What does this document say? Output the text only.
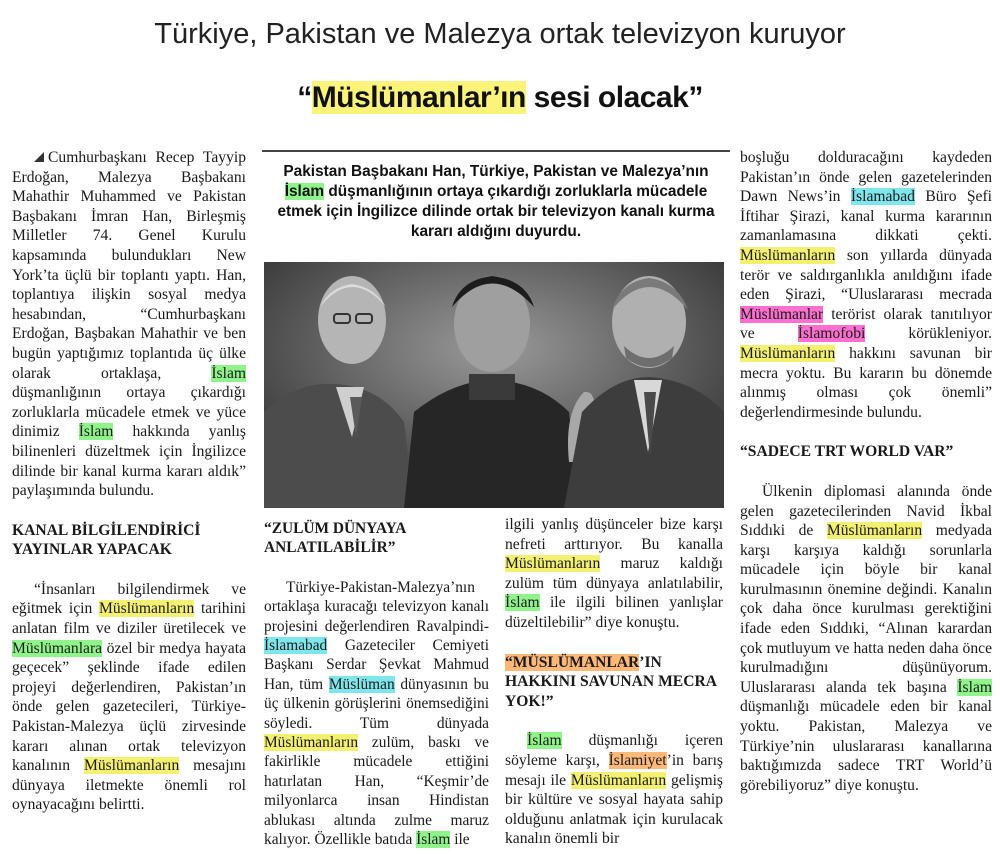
Türkiye, Pakistan ve Malezya ortak televizyon kuruyor
“Müslümanlar’ın sesi olacak”
Pakistan Başbakanı Han, Türkiye, Pakistan ve Malezya’nın İslam düşmanlığının ortaya çıkardığı zorluklarla mücadele etmek için İngilizce dilinde ortak bir televizyon kanalı kurma kararı aldığını duyurdu.

Cumhurbaşkanı Recep Tayyip Erdoğan, Malezya Başbakanı Mahathir Muhammed ve Pakistan Başbakanı İmran Han, Birleşmiş Milletler 74. Genel Kurulu kapsamında bulundukları New York’ta üçlü bir toplantı yaptı. Han, toplantıya ilişkin sosyal medya hesabından, “Cumhurbaşkanı Erdoğan, Başbakan Mahathir ve ben bugün yaptığımız toplantıda üç ülke olarak ortaklaşa, İslam düşmanlığının ortaya çıkardığı zorluklarla mücadele etmek ve yüce dinimiz İslam hakkında yanlış bilinenleri düzeltmek için İngilizce dilinde bir kanal kurma kararı aldık” paylaşımında bulundu.

KANAL BİLGİLENDİRİCİ YAYINLAR YAPACAK

“İnsanları bilgilendirmek ve eğitmek için Müslümanların tarihini anlatan film ve diziler üretilecek ve Müslümanlara özel bir medya hayata geçecek” şeklinde ifade edilen projeyi değerlendiren, Pakistan’ın önde gelen gazetecileri, Türkiye-Pakistan-Malezya üçlü zirvesinde kararı alınan ortak televizyon kanalının Müslümanların mesajını dünyaya iletmekte önemli rol oynayacağını belirtti.

“ZULÜM DÜNYAYA ANLATILABİLİR”

Türkiye-Pakistan-Malezya’nın ortaklaşa kuracağı televizyon kanalı projesini değerlendiren Ravalpindi-İslamabad Gazeteciler Cemiyeti Başkanı Serdar Şevkat Mahmud Han, tüm Müslüman dünyasının bu üç ülkenin görüşlerini önemsediğini söyledi. Tüm dünyada Müslümanların zulüm, baskı ve fakirlikle mücadele ettiğini hatırlatan Han, “Keşmir’de milyonlarca insan Hindistan ablukası altında zulme maruz kalıyor. Özellikle batıda İslam ile

ilgili yanlış düşünceler bize karşı nefreti arttırıyor. Bu kanalla Müslümanların maruz kaldığı zulüm tüm dünyaya anlatılabilir, İslam ile ilgili bilinen yanlışlar düzeltilebilir” diye konuştu.

“MÜSLÜMANLAR’IN HAKKINI SAVUNAN MECRA YOK!”

İslam düşmanlığı içeren söyleme karşı, İslamiyet’in barış mesajı ile Müslümanların gelişmiş bir kültüre ve sosyal hayata sahip olduğunu anlatmak için kurulacak kanalın önemli bir

boşluğu dolduracağını kaydeden Pakistan’ın önde gelen gazetelerinden Dawn News’in İslamabad Büro Şefi İftihar Şirazi, kanal kurma kararının zamanlamasına dikkati çekti. Müslümanların son yıllarda dünyada terör ve saldırganlıkla anıldığını ifade eden Şirazi, “Uluslararası mecrada Müslümanlar terörist olarak tanıtılıyor ve İslamofobi körükleniyor. Müslümanların hakkını savunan bir mecra yoktu. Bu kararın bu dönemde alınmış olması çok önemli” değerlendirmesinde bulundu.

“SADECE TRT WORLD VAR”

Ülkenin diplomasi alanında önde gelen gazetecilerinden Navid İkbal Sıddıki de Müslümanların medyada karşı karşıya kaldığı sorunlarla mücadele için böyle bir kanal kurulmasının önemine değindi. Kanalın çok daha önce kurulması gerektiğini ifade eden Sıddıki, “Alınan karardan çok mutluyum ve hatta neden daha önce kurulmadığını düşünüyorum. Uluslararası alanda tek başına İslam düşmanlığı mücadele eden bir kanal yoktu. Pakistan, Malezya ve Türkiye’nin uluslararası kanallarına baktığımızda sadece TRT World’ü görebiliyoruz” diye konuştu.
